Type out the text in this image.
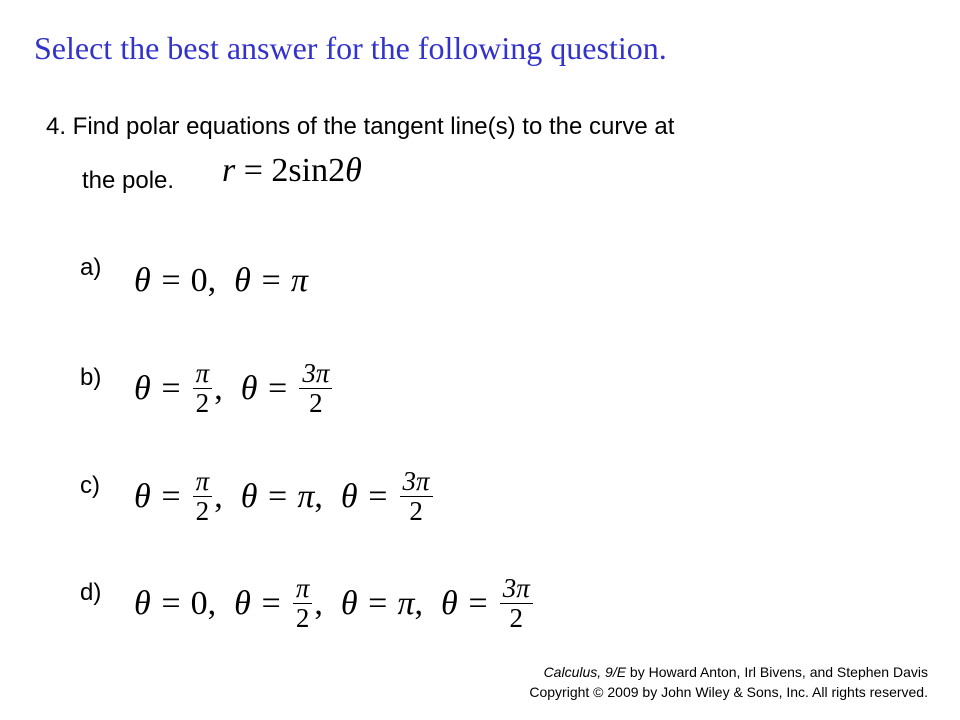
Select the best answer for the following question.
4. Find polar equations of the tangent line(s) to the curve at
the pole.	r = 2sin2θ
a) θ =
0 , θ =
π
b) θ =
$\frac{\pi}{2}$ , θ =
$\frac{3\pi}{2}$
c) θ =
$\frac{\pi}{2}$ , θ =
π , θ =
$\frac{3\pi}{2}$
d) θ =
0 , θ =
$\frac{\pi}{2}$ , θ =
π , θ =
$\frac{3\pi}{2}$
Calculus, 9/E by Howard Anton, Irl Bivens, and Stephen Davis
Copyright © 2009 by John Wiley & Sons, Inc. All rights reserved.
